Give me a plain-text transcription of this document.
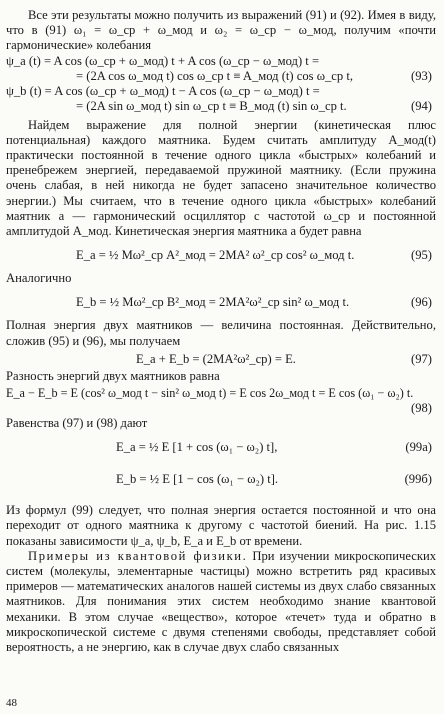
Все эти результаты можно получить из выражений (91) и (92). Имея в виду, что в (91) ω₁ = ω_ср + ω_мод и ω₂ = ω_ср − ω_мод, получим «почти гармонические» колебания

ψ_a (t) = A cos (ω_ср + ω_мод) t + A cos (ω_ср − ω_мод) t =
= (2A cos ω_мод t) cos ω_ср t ≡ A_мод (t) cos ω_ср t,	(93)
ψ_b (t) = A cos (ω_ср + ω_мод) t − A cos (ω_ср − ω_мод) t =
= (2A sin ω_мод t) sin ω_ср t ≡ B_мод (t) sin ω_ср t.	(94)

Найдем выражение для полной энергии (кинетическая плюс потенциальная) каждого маятника. Будем считать амплитуду A_мод(t) практически постоянной в течение одного цикла «быстрых» колебаний и пренебрежем энергией, передаваемой пружиной маятнику. (Если пружина очень слабая, в ней никогда не будет запасено значительное количество энергии.) Мы считаем, что в течение одного цикла «быстрых» колебаний маятник a — гармонический осциллятор с частотой ω_ср и постоянной амплитудой A_мод. Кинетическая энергия маятника a будет равна

E_a = ½ Mω²_ср A²_мод = 2MA² ω²_ср cos² ω_мод t.	(95)

Аналогично

E_b = ½ Mω²_ср B²_мод = 2MA²ω²_ср sin² ω_мод t.	(96)

Полная энергия двух маятников — величина постоянная. Действительно, сложив (95) и (96), мы получаем

E_a + E_b = (2MA²ω²_ср) = E.	(97)

Разность энергий двух маятников равна

E_a − E_b = E (cos² ω_мод t − sin² ω_мод t) = E cos 2ω_мод t = E cos (ω₁ − ω₂) t.
(98)

Равенства (97) и (98) дают

E_a = ½ E [1 + cos (ω₁ − ω₂) t],	(99а)
E_b = ½ E [1 − cos (ω₁ − ω₂) t].	(99б)

Из формул (99) следует, что полная энергия остается постоянной и что она переходит от одного маятника к другому с частотой биений. На рис. 1.15 показаны зависимости ψ_a, ψ_b, E_a и E_b от времени.

Примеры из квантовой физики. При изучении микроскопических систем (молекулы, элементарные частицы) можно встретить ряд красивых примеров — математических аналогов нашей системы из двух слабо связанных маятников. Для понимания этих систем необходимо знание квантовой механики. В этом случае «вещество», которое «течет» туда и обратно в микроскопической системе с двумя степенями свободы, представляет собой вероятность, а не энергию, как в случае двух слабо связанных

48
